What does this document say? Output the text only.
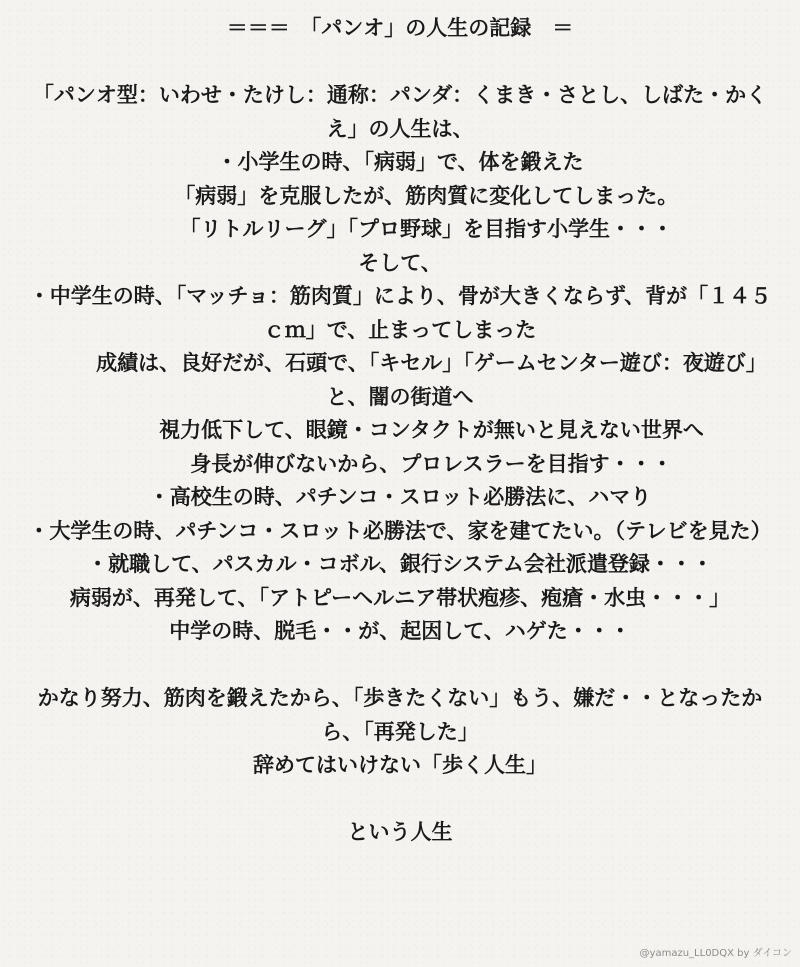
＝＝＝　「パンオ」の人生の記録　＝
「パンオ型：いわせ・たけし：通称：パンダ：くまき・さとし、しばた・かくえ」の人生は、
・小学生の時、「病弱」で、体を鍛えた
　　　「病弱」を克服したが、筋肉質に変化してしまった。
　　　「リトルリーグ」「プロ野球」を目指す小学生・・・
そして、
・中学生の時、「マッチョ：筋肉質」により、骨が大きくならず、背が「１４５ｃｍ」で、止まってしまった
　　　成績は、良好だが、石頭で、「キセル」「ゲームセンター遊び：夜遊び」と、闇の街道へ
　　　視力低下して、眼鏡・コンタクトが無いと見えない世界へ
　　　身長が伸びないから、プロレスラーを目指す・・・
・高校生の時、パチンコ・スロット必勝法に、ハマり
・大学生の時、パチンコ・スロット必勝法で、家を建てたい。（テレビを見た）
・就職して、パスカル・コボル、銀行システム会社派遣登録・・・
病弱が、再発して、「アトピーヘルニア帯状疱疹、疱瘡・水虫・・・」
中学の時、脱毛・・が、起因して、ハゲた・・・
かなり努力、筋肉を鍛えたから、「歩きたくない」もう、嫌だ・・となったから、「再発した」
辞めてはいけない「歩く人生」
という人生
@yamazu_LL0DQX by ダイコン
